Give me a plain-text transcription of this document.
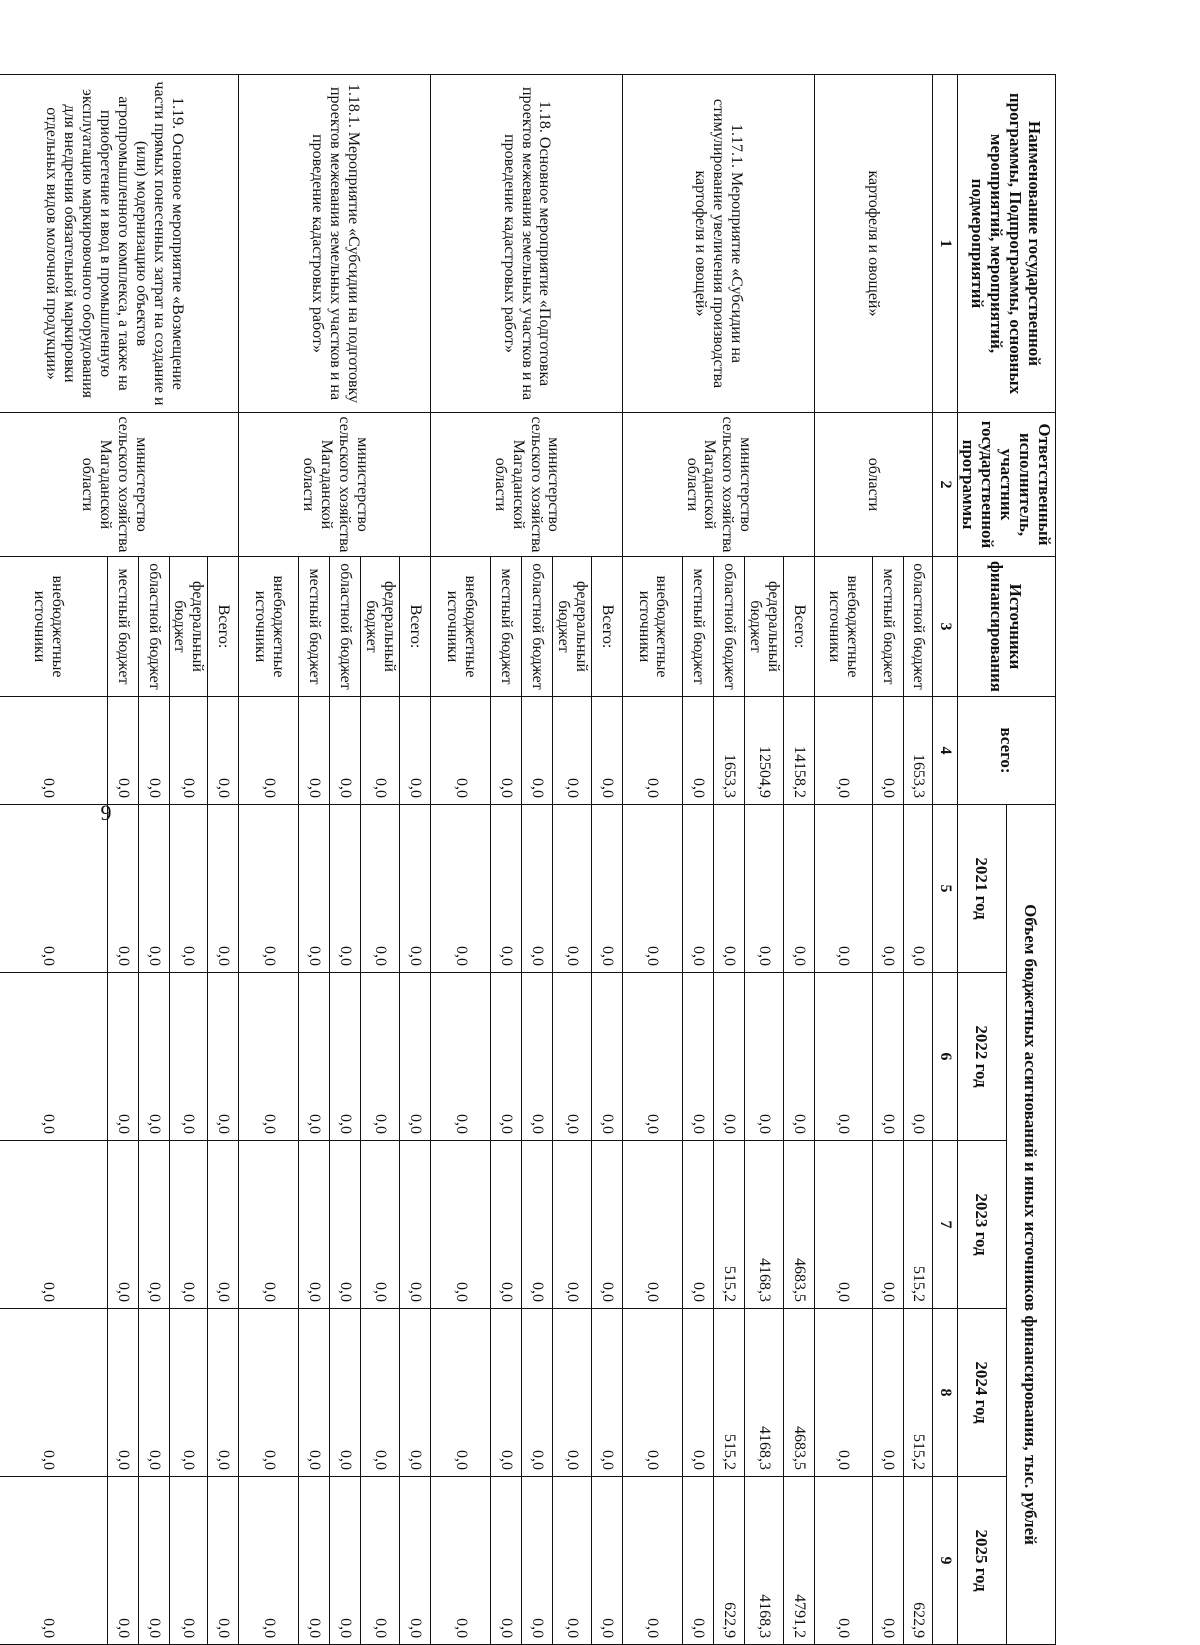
9
Наименование государственной программы, Подпрограммы, основных мероприятий, мероприятий, подмероприятий	Ответственный исполнитель, участник государственной программы	Источники финансирования	всего:	Объем бюджетных ассигнований и иных источников финансирования, тыс. рублей				
				2021 год	2022 год	2023 год	2024 год	2025 год
1	2	3	4	5	6	7	8	9
картофеля и овощей»	области	областной бюджет	1653,3	0,0	0,0	515,2	515,2	622,9
		местный бюджет	0,0	0,0	0,0	0,0	0,0	0,0
		внебюджетные источники	0,0	0,0	0,0	0,0	0,0	0,0
1.17.1. Мероприятие «Субсидии на стимулирование увеличения производства картофеля и овощей»	министерство сельского хозяйства Магаданской области	Всего:	14158,2	0,0	0,0	4683,5	4683,5	4791,2
		федеральный бюджет	12504,9	0,0	0,0	4168,3	4168,3	4168,3
		областной бюджет	1653,3	0,0	0,0	515,2	515,2	622,9
		местный бюджет	0,0	0,0	0,0	0,0	0,0	0,0
		внебюджетные источники	0,0	0,0	0,0	0,0	0,0	0,0
1.18. Основное мероприятие «Подготовка проектов межевания земельных участков и на проведение кадастровых работ»	министерство сельского хозяйства Магаданской области	Всего:	0,0	0,0	0,0	0,0	0,0	0,0
		федеральный бюджет	0,0	0,0	0,0	0,0	0,0	0,0
		областной бюджет	0,0	0,0	0,0	0,0	0,0	0,0
		местный бюджет	0,0	0,0	0,0	0,0	0,0	0,0
		внебюджетные источники	0,0	0,0	0,0	0,0	0,0	0,0
1.18.1. Мероприятие «Субсидии на подготовку проектов межевания земельных участков и на проведение кадастровых работ»	министерство сельского хозяйства Магаданской области	Всего:	0,0	0,0	0,0	0,0	0,0	0,0
		федеральный бюджет	0,0	0,0	0,0	0,0	0,0	0,0
		областной бюджет	0,0	0,0	0,0	0,0	0,0	0,0
		местный бюджет	0,0	0,0	0,0	0,0	0,0	0,0
		внебюджетные источники	0,0	0,0	0,0	0,0	0,0	0,0
1.19. Основное мероприятие «Возмещение части прямых понесенных затрат на создание и (или) модернизацию объектов агропромышленного комплекса, а также на приобретение и ввод в промышленную эксплуатацию маркировочного оборудования для внедрения обязательной маркировки отдельных видов молочной продукции»	министерство сельского хозяйства Магаданской области	Всего:	0,0	0,0	0,0	0,0	0,0	0,0
		федеральный бюджет	0,0	0,0	0,0	0,0	0,0	0,0
		областной бюджет	0,0	0,0	0,0	0,0	0,0	0,0
		местный бюджет	0,0	0,0	0,0	0,0	0,0	0,0
		внебюджетные источники	0,0	0,0	0,0	0,0	0,0	0,0
